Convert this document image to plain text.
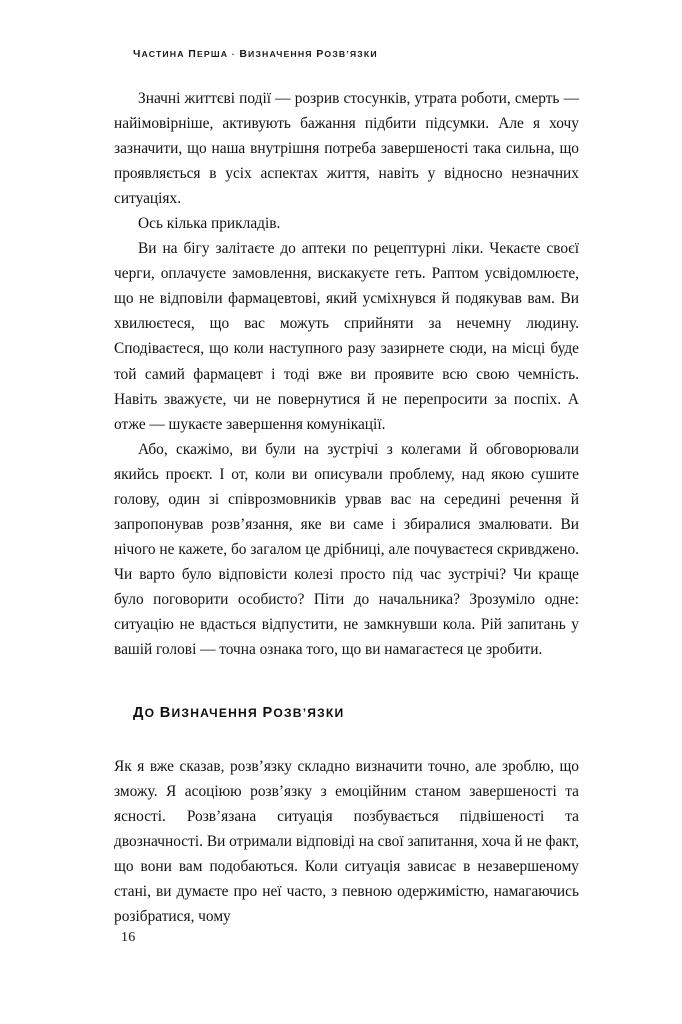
ЧАСТИНА ПЕРША · ВИЗНАЧЕННЯ РОЗВ’ЯЗКИ

Значні життєві події — розрив стосунків, утрата роботи, смерть — найімовірніше, активують бажання підбити підсумки. Але я хочу зазначити, що наша внутрішня потреба завершеності така сильна, що проявляється в усіх аспектах життя, навіть у відносно незначних ситуаціях.

Ось кілька прикладів.

Ви на бігу залітаєте до аптеки по рецептурні ліки. Чекаєте своєї черги, оплачуєте замовлення, вискакуєте геть. Раптом усвідомлюєте, що не відповіли фармацевтові, який усміхнувся й подякував вам. Ви хвилюєтеся, що вас можуть сприйняти за нечемну людину. Сподіваєтеся, що коли наступного разу зазирнете сюди, на місці буде той самий фармацевт і тоді вже ви проявите всю свою чемність. Навіть зважуєте, чи не повернутися й не перепросити за поспіх. А отже — шукаєте завершення комунікації.

Або, скажімо, ви були на зустрічі з колегами й обговорювали якийсь проєкт. І от, коли ви описували проблему, над якою сушите голову, один зі співрозмовників урвав вас на середині речення й запропонував розв’язання, яке ви саме і збиралися змалювати. Ви нічого не кажете, бо загалом це дрібниці, але почуваєтеся скривджено. Чи варто було відповісти колезі просто під час зустрічі? Чи краще було поговорити особисто? Піти до начальника? Зрозуміло одне: ситуацію не вдасться відпустити, не замкнувши кола. Рій запитань у вашій голові — точна ознака того, що ви намагаєтеся це зробити.

ДО ВИЗНАЧЕННЯ РОЗВ’ЯЗКИ

Як я вже сказав, розв’язку складно визначити точно, але зроблю, що зможу. Я асоціюю розв’язку з емоційним станом завершеності та ясності. Розв’язана ситуація позбувається підвішеності та двозначності. Ви отримали відповіді на свої запитання, хоча й не факт, що вони вам подобаються. Коли ситуація зависає в незавершеному стані, ви думаєте про неї часто, з певною одержимістю, намагаючись розібратися, чому

16
